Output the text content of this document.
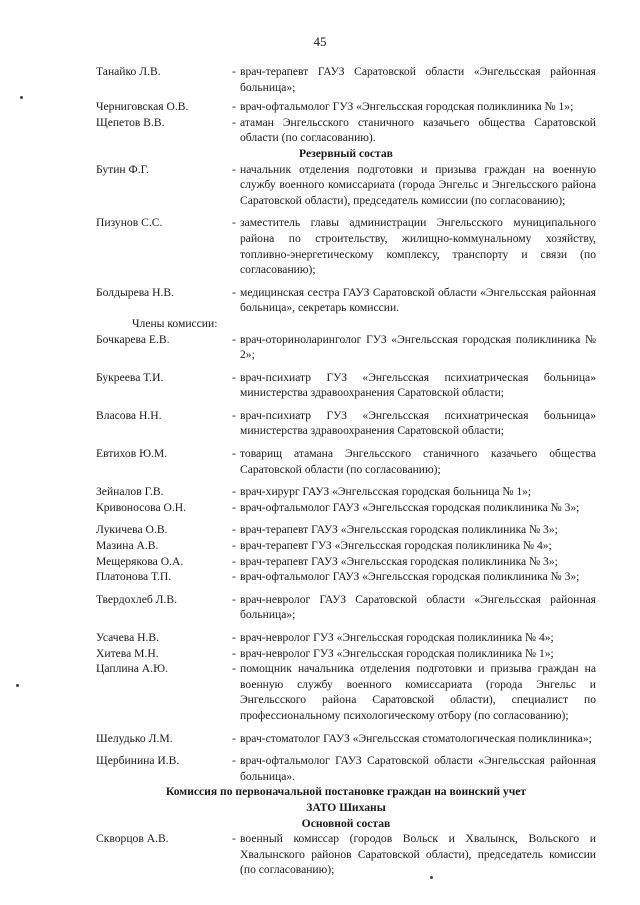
45
Танайко Л.В.	- врач-терапевт ГАУЗ Саратовской области «Энгельсская районная больница»;
Черниговская О.В.	- врач-офтальмолог ГУЗ «Энгельсская городская поликлиника № 1»;
Щепетов В.В.	- атаман Энгельсского станичного казачьего общества Саратовской области (по согласованию).
Резервный состав
Бутин Ф.Г.	- начальник отделения подготовки и призыва граждан на военную службу военного комиссариата (города Энгельс и Энгельсского района Саратовской области), председатель комиссии (по согласованию);
Пизунов С.С.	- заместитель главы администрации Энгельсского муниципального района по строительству, жилищно-коммунальному хозяйству, топливно-энергетическому комплексу, транспорту и связи (по согласованию);
Болдырева Н.В.	- медицинская сестра ГАУЗ Саратовской области «Энгельсская районная больница», секретарь комиссии.
Члены комиссии:
Бочкарева Е.В.	- врач-оториноларинголог ГУЗ «Энгельсская городская поликлиника № 2»;
Букреева Т.И.	- врач-психиатр ГУЗ «Энгельсская психиатрическая больница» министерства здравоохранения Саратовской области;
Власова Н.Н.	- врач-психиатр ГУЗ «Энгельсская психиатрическая больница» министерства здравоохранения Саратовской области;
Евтихов Ю.М.	- товарищ атамана Энгельсского станичного казачьего общества Саратовской области (по согласованию);
Зейналов Г.В.	- врач-хирург ГАУЗ «Энгельсская городская больница № 1»;
Кривоносова О.Н.	- врач-офтальмолог ГАУЗ «Энгельсская городская поликлиника № 3»;
Лукичева О.В.	- врач-терапевт ГАУЗ «Энгельсская городская поликлиника № 3»;
Мазина А.В.	- врач-терапевт ГУЗ «Энгельсская городская поликлиника № 4»;
Мещерякова О.А.	- врач-терапевт ГАУЗ «Энгельсская городская поликлиника № 3»;
Платонова Т.П.	- врач-офтальмолог ГАУЗ «Энгельсская городская поликлиника № 3»;
Твердохлеб Л.В.	- врач-невролог ГАУЗ Саратовской области «Энгельсская районная больница»;
Усачева Н.В.	- врач-невролог ГУЗ «Энгельсская городская поликлиника № 4»;
Хитева М.Н.	- врач-невролог ГУЗ «Энгельсская городская поликлиника № 1»;
Цаплина А.Ю.	- помощник начальника отделения подготовки и призыва граждан на военную службу военного комиссариата (города Энгельс и Энгельсского района Саратовской области), специалист по профессиональному психологическому отбору (по согласованию);
Шелудько Л.М.	- врач-стоматолог ГАУЗ «Энгельсская стоматологическая поликлиника»;
Щербинина И.В.	- врач-офтальмолог ГАУЗ Саратовской области «Энгельсская районная больница».
Комиссия по первоначальной постановке граждан на воинский учет
ЗАТО Шиханы
Основной состав
Скворцов А.В.	- военный комиссар (городов Вольск и Хвалынск, Вольского и Хвалынского районов Саратовской области), председатель комиссии (по согласованию);
